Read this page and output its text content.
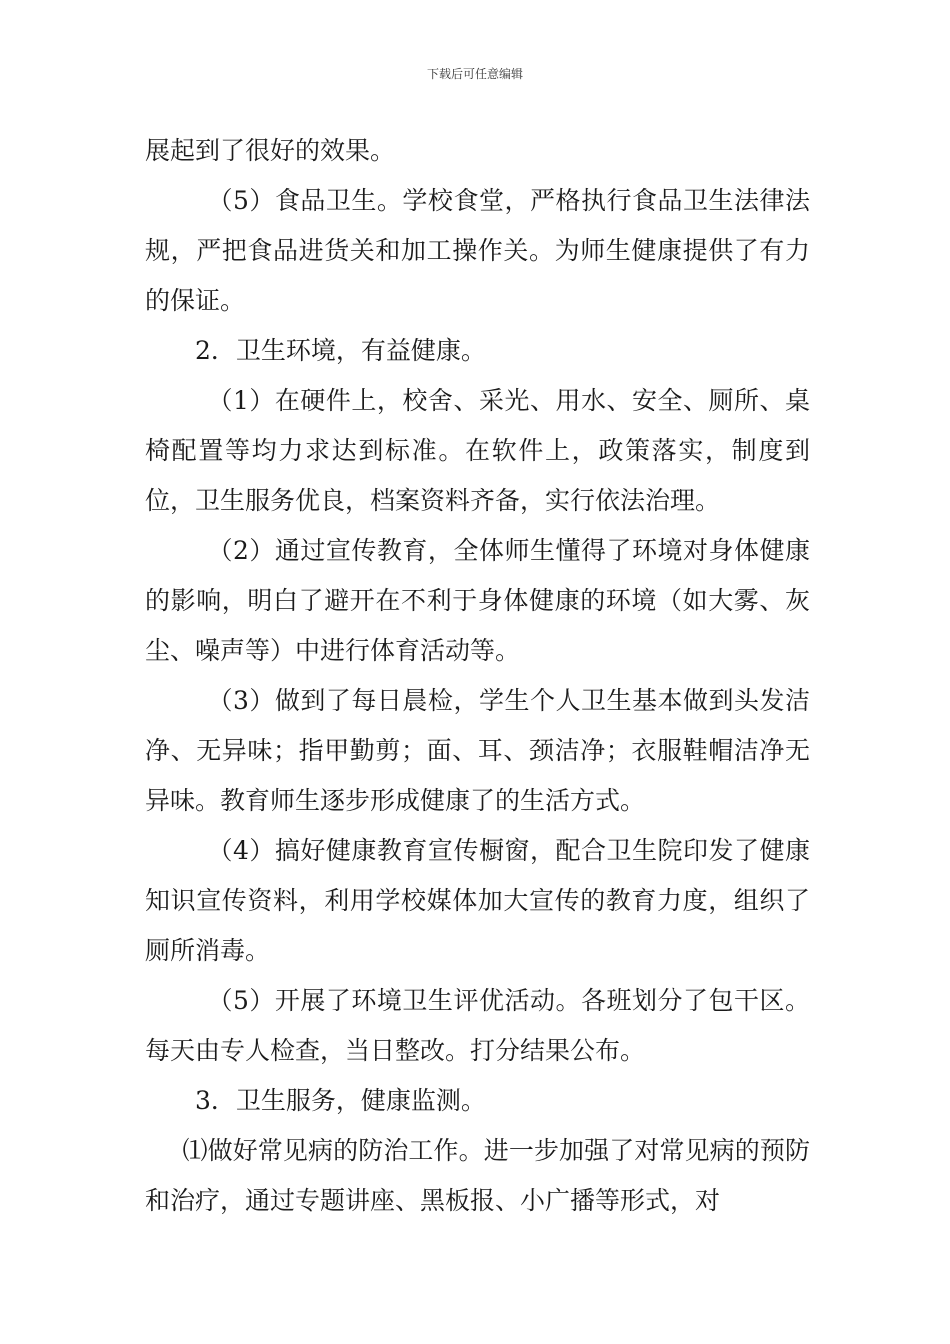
下载后可任意编辑

展起到了很好的效果。

（5）食品卫生。学校食堂，严格执行食品卫生法律法规，严把食品进货关和加工操作关。为师生健康提供了有力的保证。

2．卫生环境，有益健康。

（1）在硬件上，校舍、采光、用水、安全、厕所、桌椅配置等均力求达到标准。在软件上，政策落实，制度到位，卫生服务优良，档案资料齐备，实行依法治理。

（2）通过宣传教育，全体师生懂得了环境对身体健康的影响，明白了避开在不利于身体健康的环境（如大雾、灰尘、噪声等）中进行体育活动等。

（3）做到了每日晨检，学生个人卫生基本做到头发洁净、无异味；指甲勤剪；面、耳、颈洁净；衣服鞋帽洁净无异味。教育师生逐步形成健康了的生活方式。

（4）搞好健康教育宣传橱窗，配合卫生院印发了健康知识宣传资料，利用学校媒体加大宣传的教育力度，组织了厕所消毒。

（5）开展了环境卫生评优活动。各班划分了包干区。每天由专人检查，当日整改。打分结果公布。

3．卫生服务，健康监测。

⑴做好常见病的防治工作。进一步加强了对常见病的预防和治疗，通过专题讲座、黑板报、小广播等形式，对
